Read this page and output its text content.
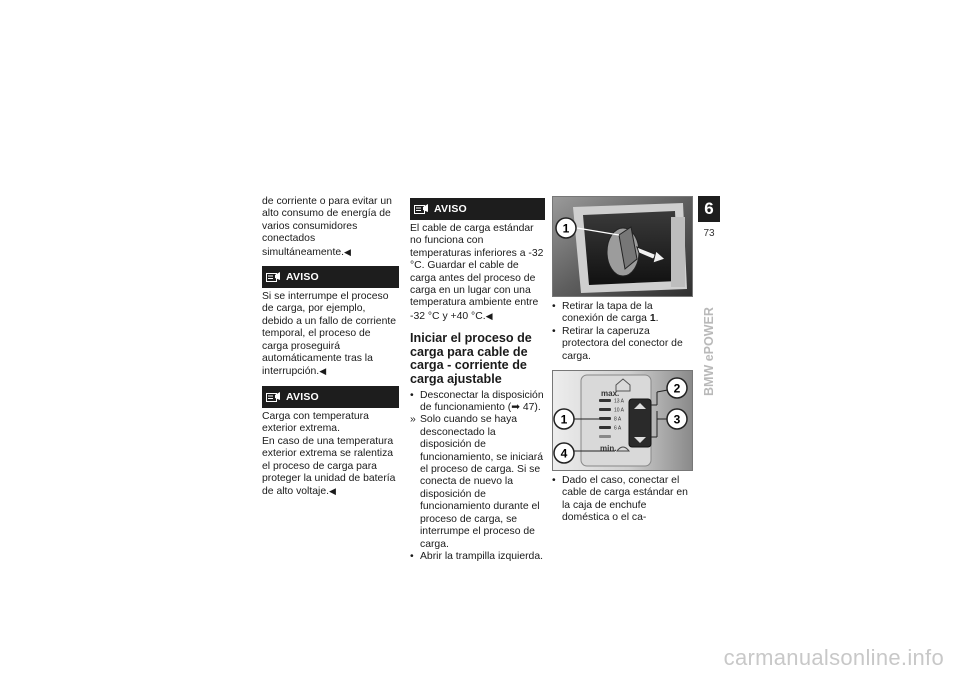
de corriente o para evitar un alto consumo de energía de varios consumidores conectados simultáneamente.◀

AVISO

Si se interrumpe el proceso de carga, por ejemplo, debido a un fallo de corriente temporal, el proceso de carga proseguirá automáticamente tras la interrupción.◀

AVISO

Carga con temperatura exterior extrema.

En caso de una temperatura exterior extrema se ralentiza el proceso de carga para proteger la unidad de batería de alto voltaje.◀

AVISO

El cable de carga estándar no funciona con temperaturas inferiores a -32 °C. Guardar el cable de carga antes del proceso de carga en un lugar con una temperatura ambiente entre -32 °C y +40 °C.◀

Iniciar el proceso de carga para cable de carga - corriente de carga ajustable
• Desconectar la disposición de funcionamiento (➡ 47).
» Solo cuando se haya desconectado la disposición de funcionamiento, se iniciará el proceso de carga. Si se conecta de nuevo la disposición de funcionamiento durante el proceso de carga, se interrumpe el proceso de carga.
• Abrir la trampilla izquierda.
1
• Retirar la tapa de la conexión de carga 1.
• Retirar la caperuza protectora del conector de carga.
max.
13 A
10 A
8 A
6 A
min.
1
2
3
4
• Dado el caso, conectar el cable de carga estándar en la caja de enchufe doméstica o el ca-
6
73
BMW ePOWER
carmanualsonline.info
